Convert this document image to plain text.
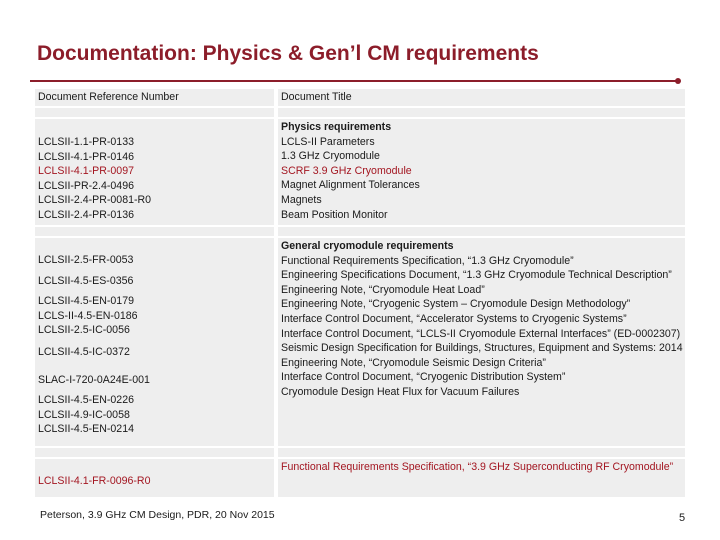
Documentation: Physics & Gen’l CM requirements
Document Reference Number	Document Title
LCLSII-1.1-PR-0133
LCLSII-4.1-PR-0146
LCLSII-4.1-PR-0097
LCLSII-PR-2.4-0496
LCLSII-2.4-PR-0081-R0
LCLSII-2.4-PR-0136
Physics requirements
LCLS-II Parameters
1.3 GHz Cryomodule
SCRF 3.9 GHz Cryomodule
Magnet Alignment Tolerances
Magnets
Beam Position Monitor
LCLSII-2.5-FR-0053
LCLSII-4.5-ES-0356
LCLSII-4.5-EN-0179
LCLS-II-4.5-EN-0186
LCLSII-2.5-IC-0056
LCLSII-4.5-IC-0372
SLAC-I-720-0A24E-001
LCLSII-4.5-EN-0226
LCLSII-4.9-IC-0058
LCLSII-4.5-EN-0214
General cryomodule requirements
Functional Requirements Specification, “1.3 GHz Cryomodule”
Engineering Specifications Document, “1.3 GHz Cryomodule Technical Description”
Engineering Note, “Cryomodule Heat Load”
Engineering Note, “Cryogenic System – Cryomodule Design Methodology”
Interface Control Document, “Accelerator Systems to Cryogenic Systems”
Interface Control Document, “LCLS-II Cryomodule External Interfaces” (ED-0002307)
Seismic Design Specification for Buildings, Structures, Equipment and Systems: 2014
Engineering Note, “Cryomodule Seismic Design Criteria”
Interface Control Document, “Cryogenic Distribution System”
Cryomodule Design Heat Flux for Vacuum Failures
LCLSII-4.1-FR-0096-R0
Functional Requirements Specification, “3.9 GHz Superconducting RF Cryomodule”
Peterson, 3.9 GHz CM Design, PDR, 20 Nov 2015	5
